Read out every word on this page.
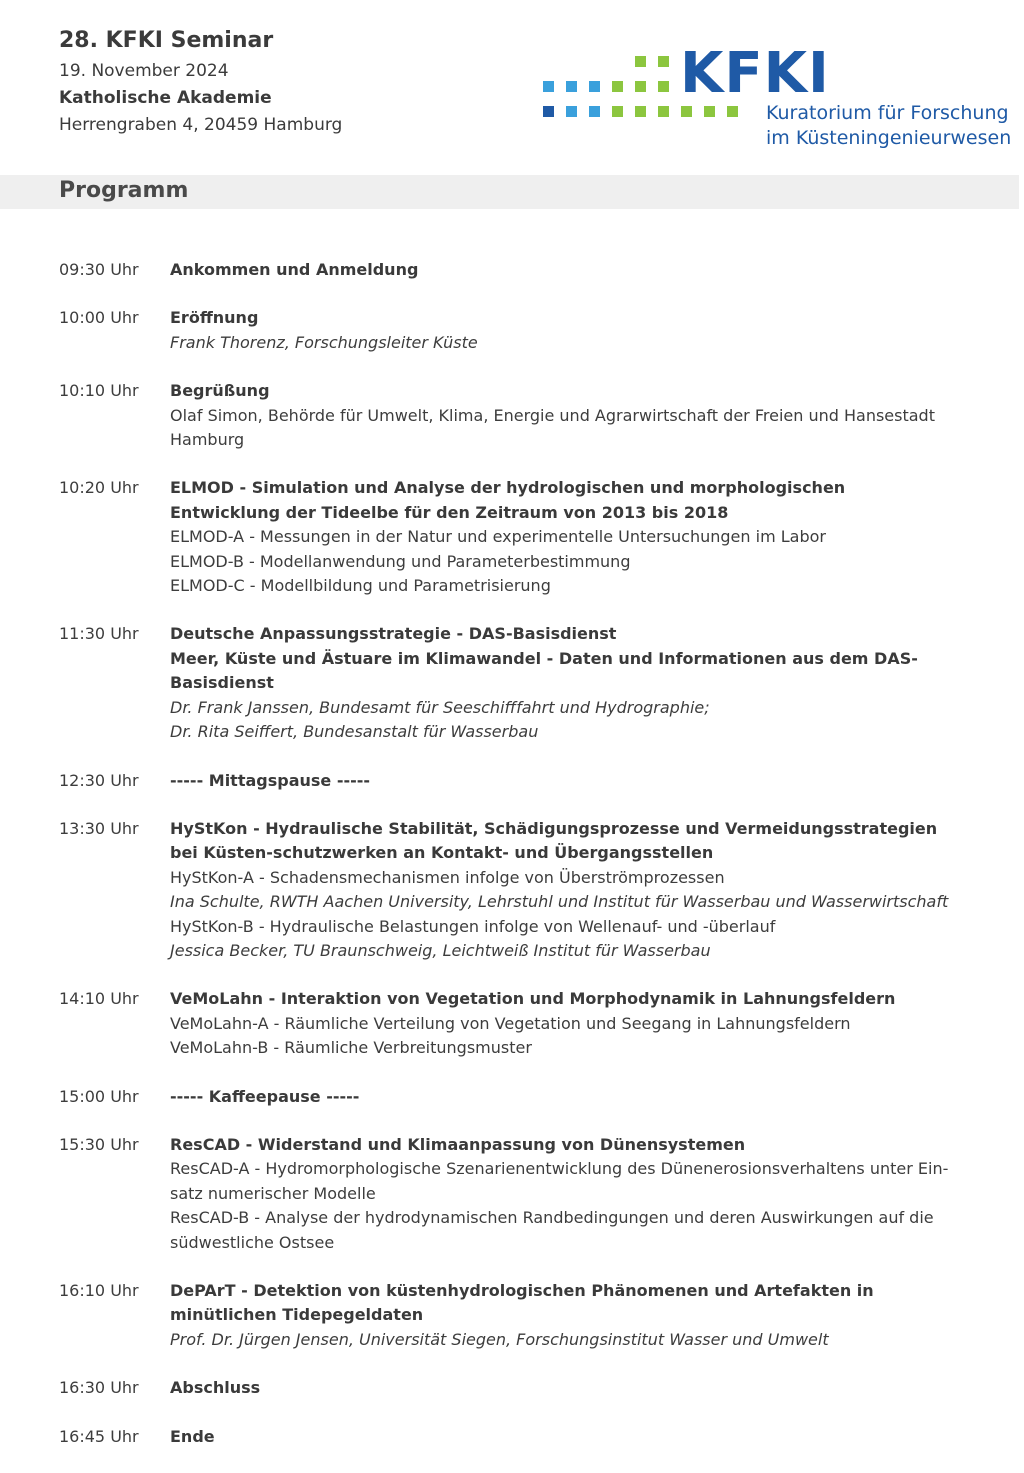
28. KFKI Seminar
19. November 2024
Katholische Akademie
Herrengraben 4, 20459 Hamburg
KFKI
Kuratorium für Forschung
im Küsteningenieurwesen
Programm
09:30 Uhr	Ankommen und Anmeldung
10:00 Uhr	Eröffnung
Frank Thorenz, Forschungsleiter Küste
10:10 Uhr	Begrüßung
Olaf Simon, Behörde für Umwelt, Klima, Energie und Agrarwirtschaft der Freien und Hansestadt Hamburg
10:20 Uhr	ELMOD - Simulation und Analyse der hydrologischen und morphologischen Entwicklung der Tideelbe für den Zeitraum von 2013 bis 2018
ELMOD-A - Messungen in der Natur und experimentelle Untersuchungen im Labor
ELMOD-B - Modellanwendung und Parameterbestimmung
ELMOD-C - Modellbildung und Parametrisierung
11:30 Uhr	Deutsche Anpassungsstrategie - DAS-Basisdienst
Meer, Küste und Ästuare im Klimawandel - Daten und Informationen aus dem DAS-Basisdienst
Dr. Frank Janssen, Bundesamt für Seeschifffahrt und Hydrographie;
Dr. Rita Seiffert, Bundesanstalt für Wasserbau
12:30 Uhr	----- Mittagspause -----
13:30 Uhr	HyStKon - Hydraulische Stabilität, Schädigungsprozesse und Vermeidungsstrategien bei Küsten-schutzwerken an Kontakt- und Übergangsstellen
HyStKon-A - Schadensmechanismen infolge von Überströmprozessen
Ina Schulte, RWTH Aachen University, Lehrstuhl und Institut für Wasserbau und Wasserwirtschaft
HyStKon-B - Hydraulische Belastungen infolge von Wellenauf- und -überlauf
Jessica Becker, TU Braunschweig, Leichtweiß Institut für Wasserbau
14:10 Uhr	VeMoLahn - Interaktion von Vegetation und Morphodynamik in Lahnungsfeldern
VeMoLahn-A - Räumliche Verteilung von Vegetation und Seegang in Lahnungsfeldern
VeMoLahn-B - Räumliche Verbreitungsmuster
15:00 Uhr	----- Kaffeepause -----
15:30 Uhr	ResCAD - Widerstand und Klimaanpassung von Dünensystemen
ResCAD-A - Hydromorphologische Szenarienentwicklung des Dünenerosionsverhaltens unter Ein-satz numerischer Modelle
ResCAD-B - Analyse der hydrodynamischen Randbedingungen und deren Auswirkungen auf die südwestliche Ostsee
16:10 Uhr	DePArT - Detektion von küstenhydrologischen Phänomenen und Artefakten in minütlichen Tidepegeldaten
Prof. Dr. Jürgen Jensen, Universität Siegen, Forschungsinstitut Wasser und Umwelt
16:30 Uhr	Abschluss
16:45 Uhr	Ende
